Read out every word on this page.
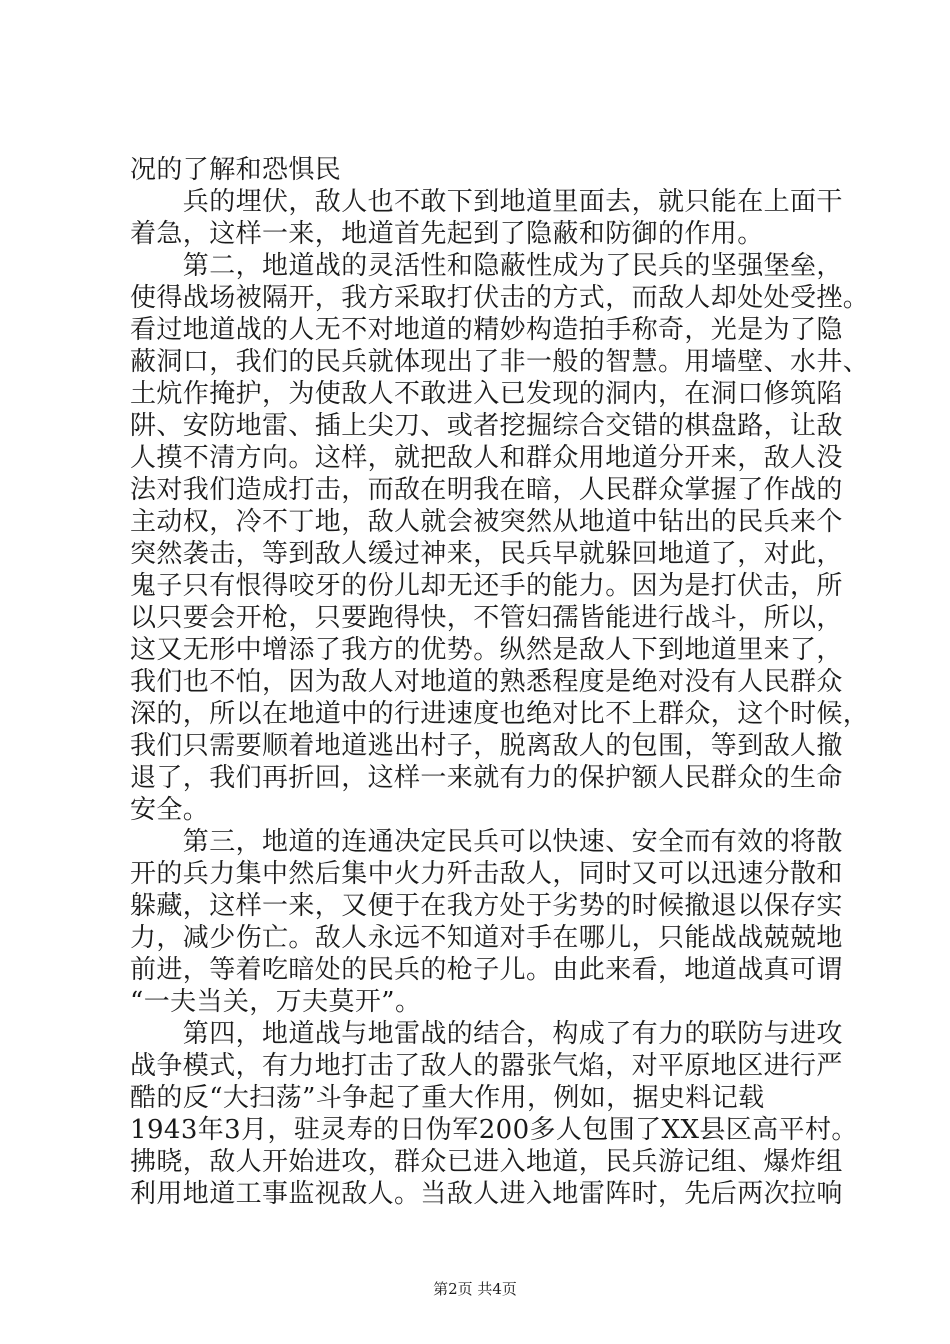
况的了解和恐惧民
　　兵的埋伏，敌人也不敢下到地道里面去，就只能在上面干
着急，这样一来，地道首先起到了隐蔽和防御的作用。
　　第二，地道战的灵活性和隐蔽性成为了民兵的坚强堡垒，
使得战场被隔开，我方采取打伏击的方式，而敌人却处处受挫。
看过地道战的人无不对地道的精妙构造拍手称奇，光是为了隐
蔽洞口，我们的民兵就体现出了非一般的智慧。用墙壁、水井、
土炕作掩护，为使敌人不敢进入已发现的洞内，在洞口修筑陷
阱、安防地雷、插上尖刀、或者挖掘综合交错的棋盘路，让敌
人摸不清方向。这样，就把敌人和群众用地道分开来，敌人没
法对我们造成打击，而敌在明我在暗，人民群众掌握了作战的
主动权，冷不丁地，敌人就会被突然从地道中钻出的民兵来个
突然袭击，等到敌人缓过神来，民兵早就躲回地道了，对此，
鬼子只有恨得咬牙的份儿却无还手的能力。因为是打伏击，所
以只要会开枪，只要跑得快，不管妇孺皆能进行战斗，所以，
这又无形中增添了我方的优势。纵然是敌人下到地道里来了，
我们也不怕，因为敌人对地道的熟悉程度是绝对没有人民群众
深的，所以在地道中的行进速度也绝对比不上群众，这个时候，
我们只需要顺着地道逃出村子，脱离敌人的包围，等到敌人撤
退了，我们再折回，这样一来就有力的保护额人民群众的生命
安全。
　　第三，地道的连通决定民兵可以快速、安全而有效的将散
开的兵力集中然后集中火力歼击敌人，同时又可以迅速分散和
躲藏，这样一来，又便于在我方处于劣势的时候撤退以保存实
力，减少伤亡。敌人永远不知道对手在哪儿，只能战战兢兢地
前进，等着吃暗处的民兵的枪子儿。由此来看，地道战真可谓
“一夫当关，万夫莫开”。
　　第四，地道战与地雷战的结合，构成了有力的联防与进攻
战争模式，有力地打击了敌人的嚣张气焰，对平原地区进行严
酷的反“大扫荡”斗争起了重大作用，例如，据史料记载
1943年3月，驻灵寿的日伪军200多人包围了XX县区高平村。
拂晓，敌人开始进攻，群众已进入地道，民兵游记组、爆炸组
利用地道工事监视敌人。当敌人进入地雷阵时，先后两次拉响
第2页 共4页
